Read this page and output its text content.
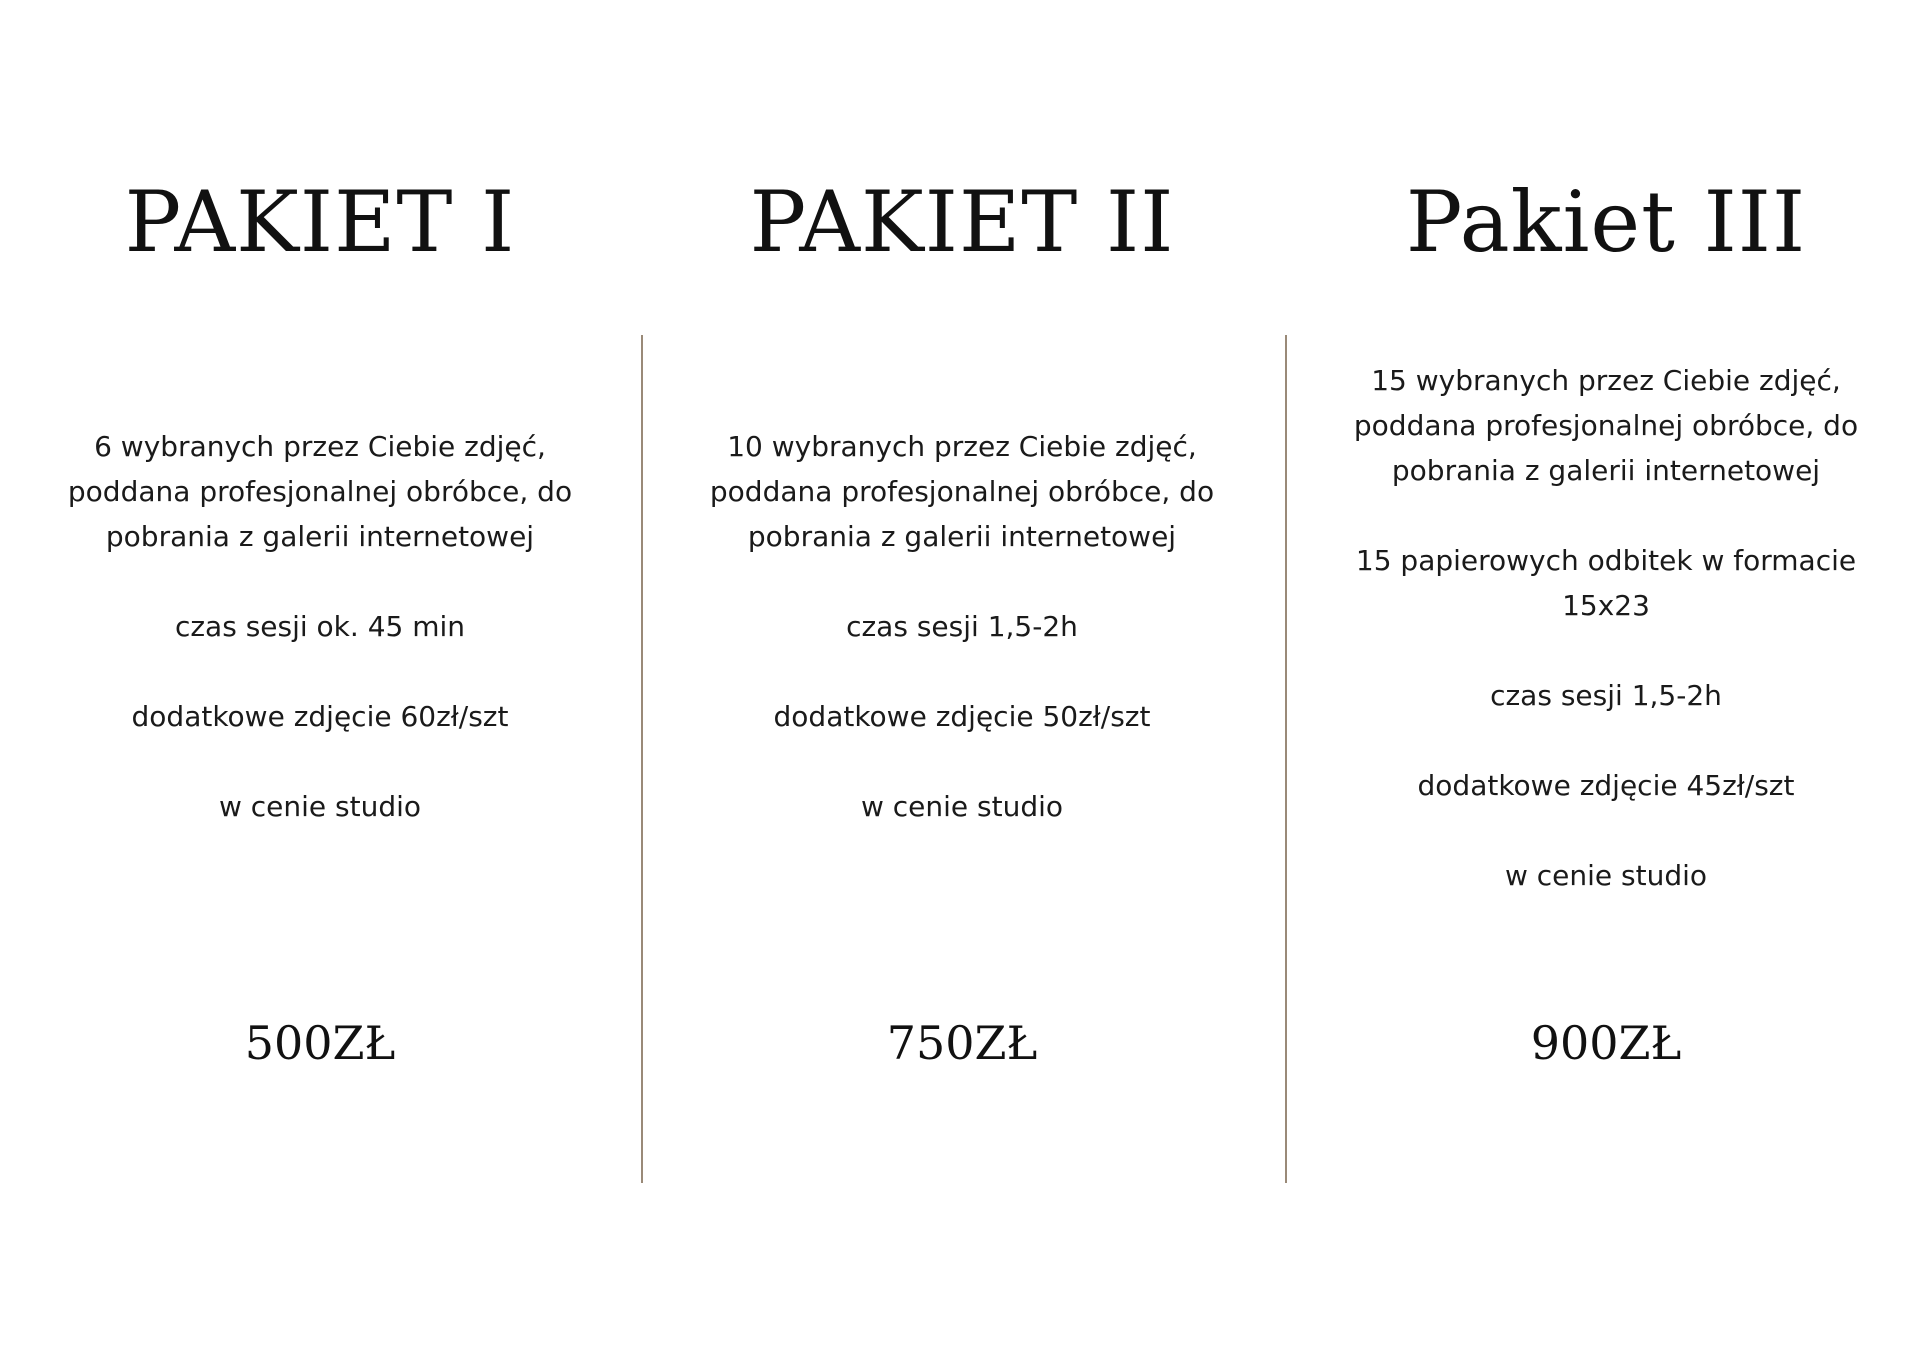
PAKIET I

6 wybranych przez Ciebie zdjęć, poddana profesjonalnej obróbce, do pobrania z galerii internetowej

czas sesji ok. 45 min

dodatkowe zdjęcie 60zł/szt

w cenie studio

500ZŁ
PAKIET II

10 wybranych przez Ciebie zdjęć, poddana profesjonalnej obróbce, do pobrania z galerii internetowej

czas sesji 1,5-2h

dodatkowe zdjęcie 50zł/szt

w cenie studio

750ZŁ
Pakiet III

15 wybranych przez Ciebie zdjęć, poddana profesjonalnej obróbce, do pobrania z galerii internetowej

15 papierowych odbitek w formacie 15x23

czas sesji 1,5-2h

dodatkowe zdjęcie 45zł/szt

w cenie studio

900ZŁ
